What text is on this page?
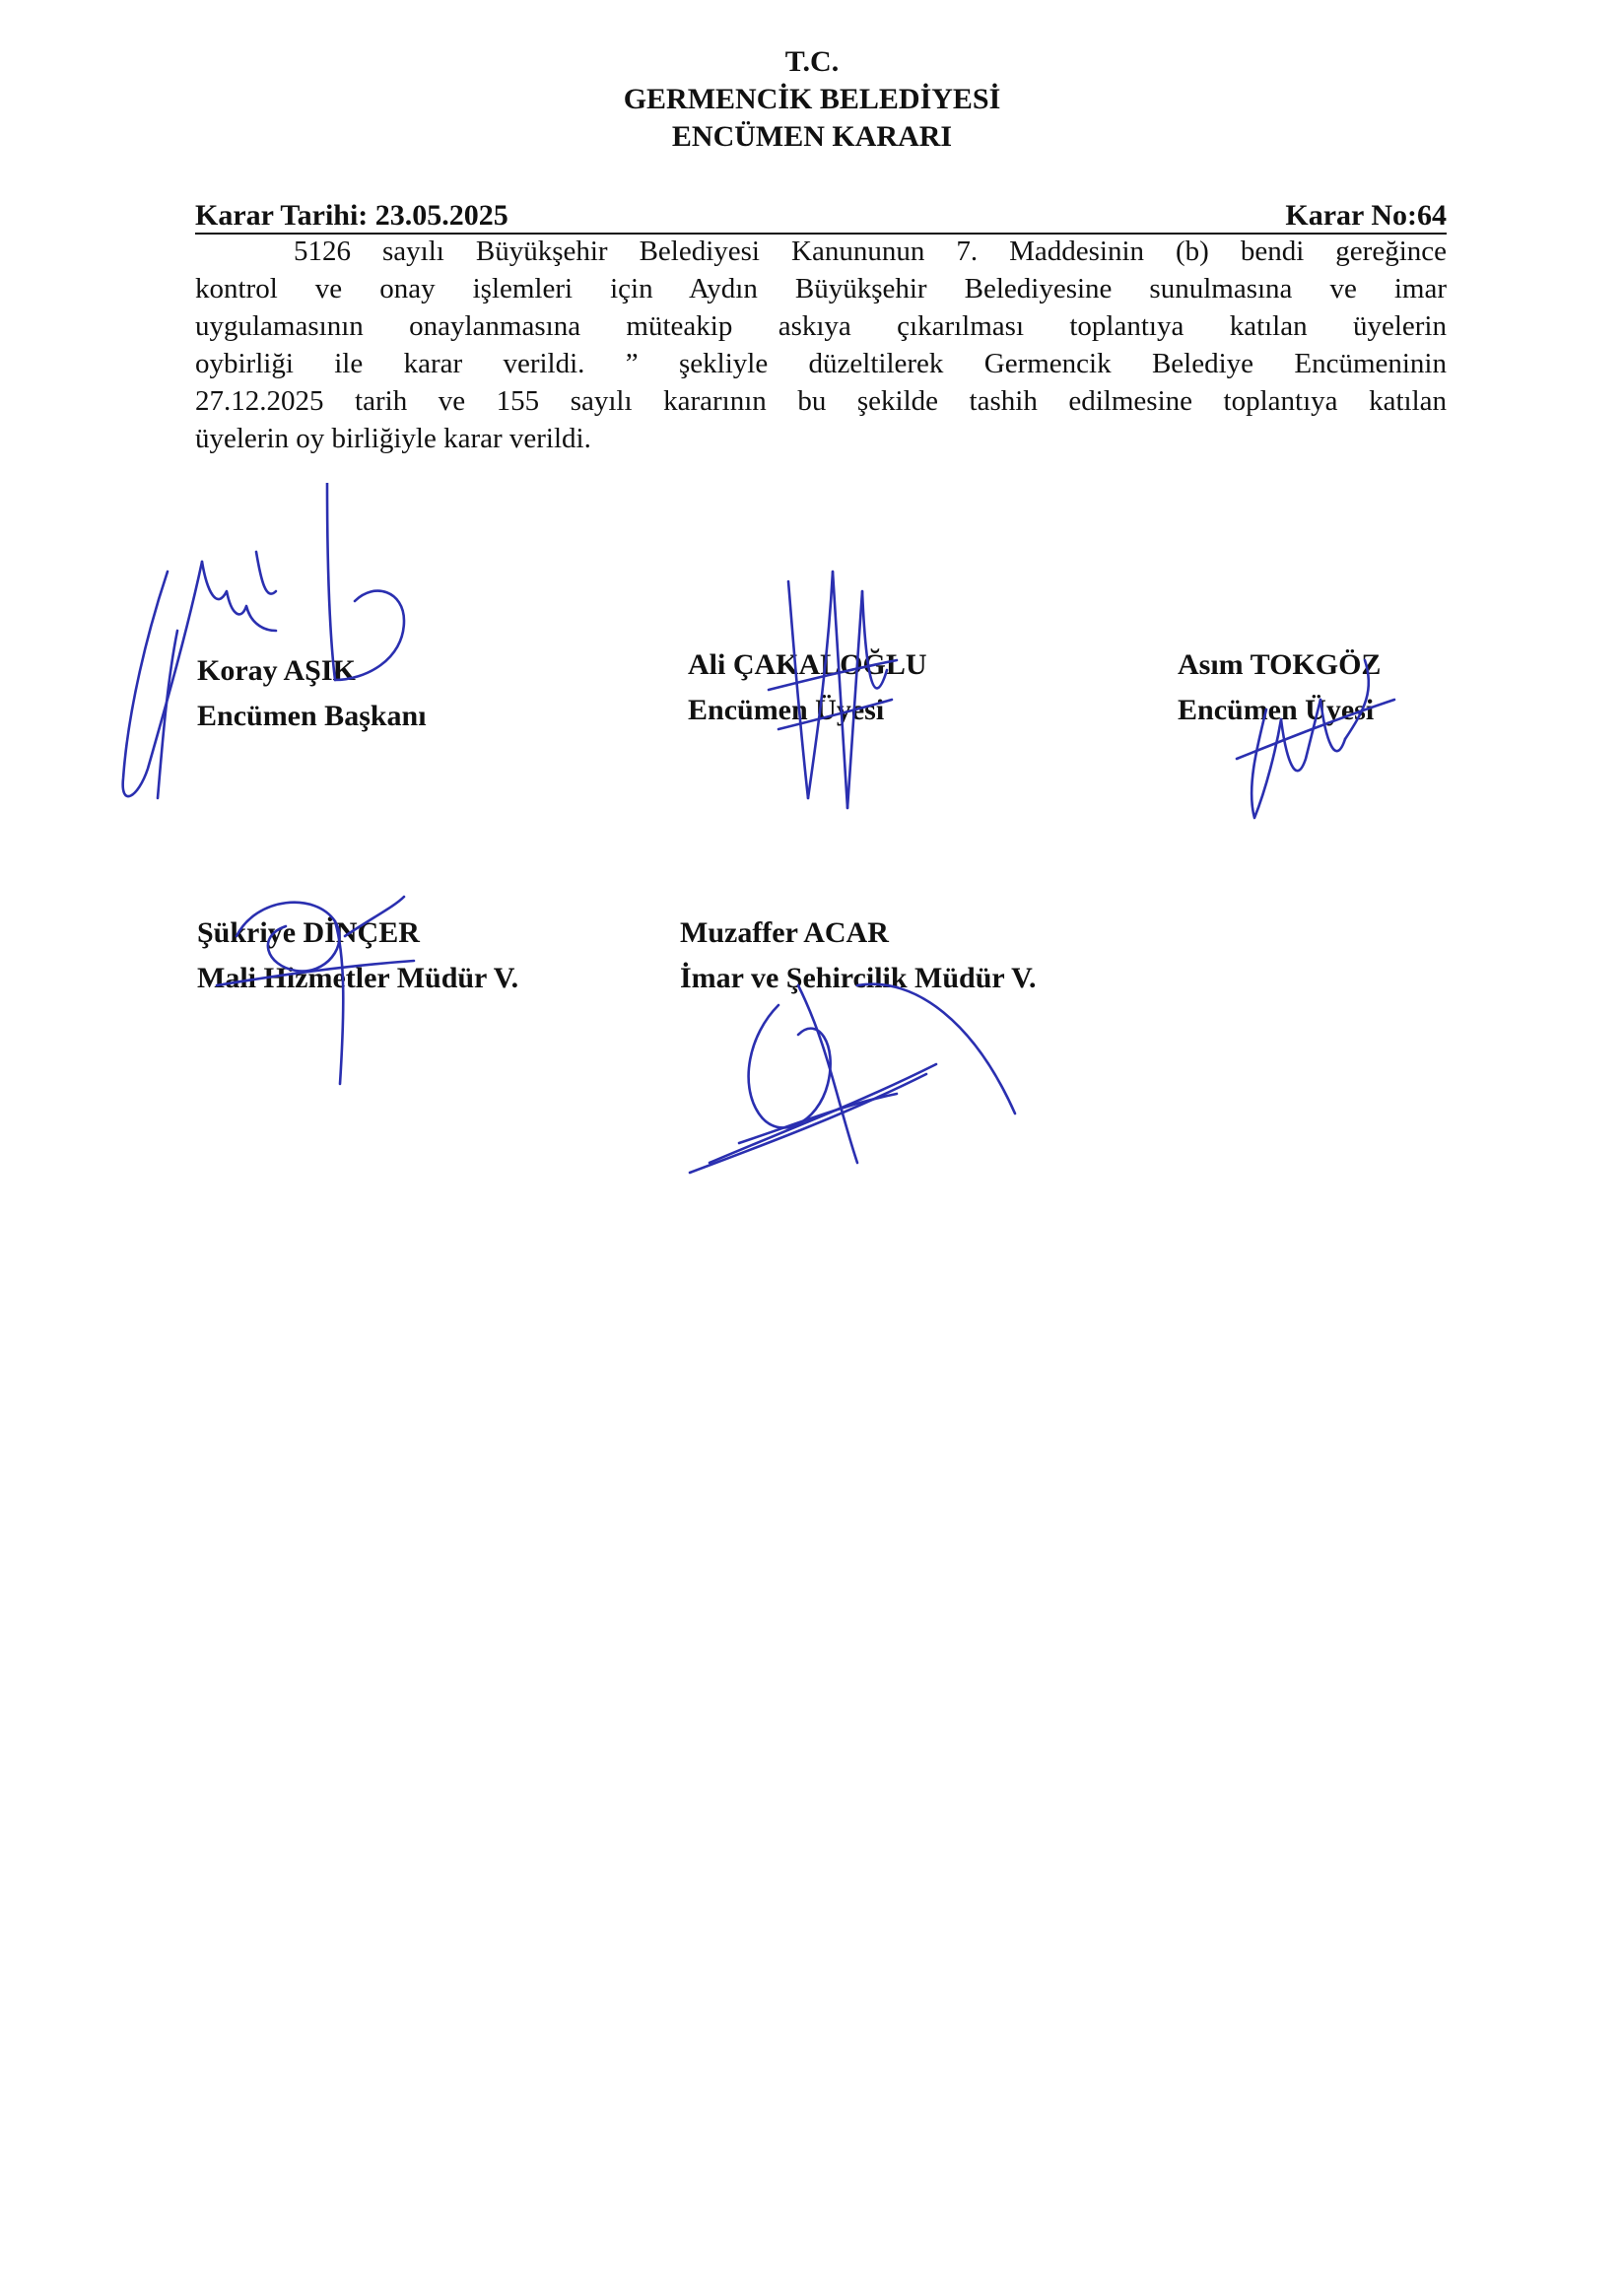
T.C.
GERMENCİK BELEDİYESİ
ENCÜMEN KARARI
Karar Tarihi: 23.05.2025	Karar No:64
5126 sayılı Büyükşehir Belediyesi Kanununun 7. Maddesinin (b) bendi gereğince
kontrol ve onay işlemleri için Aydın Büyükşehir Belediyesine sunulmasına ve imar
uygulamasının onaylanmasına müteakip askıya çıkarılması toplantıya katılan üyelerin
oybirliği ile karar verildi. ” şekliyle düzeltilerek Germencik Belediye Encümeninin
27.12.2025 tarih ve 155 sayılı kararının bu şekilde tashih edilmesine toplantıya katılan
üyelerin oy birliğiyle karar verildi.
Koray AŞIK
Encümen Başkanı
Ali ÇAKALOĞLU
Encümen Üyesi
Asım TOKGÖZ
Encümen Üyesi
Şükriye DİNÇER
Mali Hizmetler Müdür V.
Muzaffer ACAR
İmar ve Şehircilik Müdür V.
